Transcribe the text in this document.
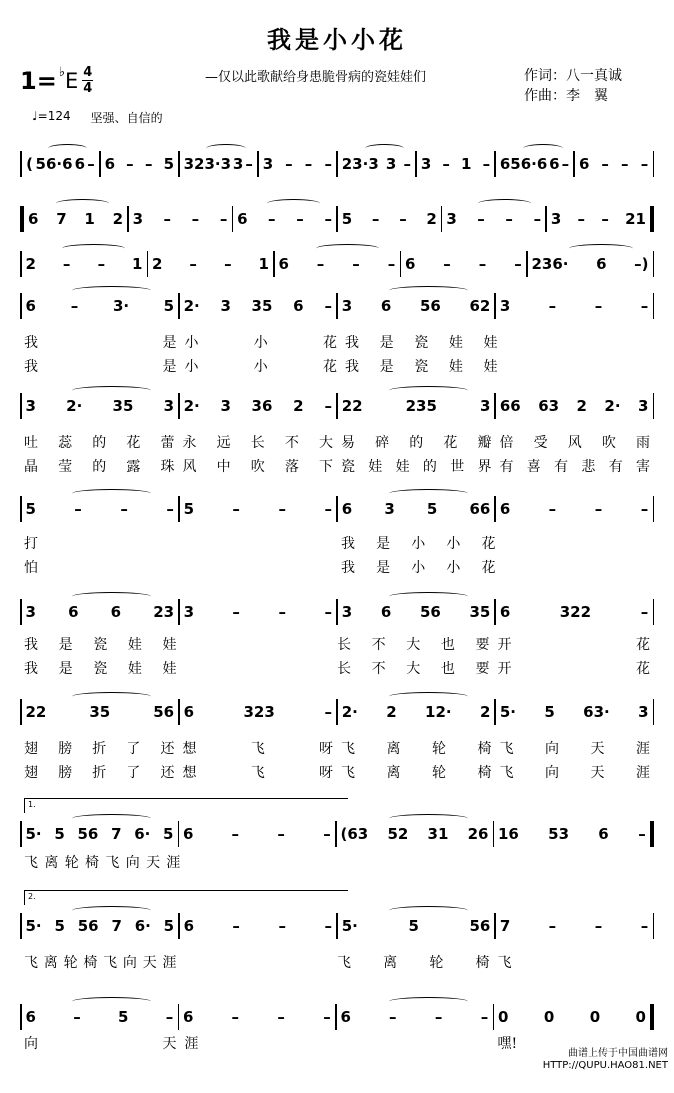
我是小小花
1= ♭ E 4
4
—仅以此歌献给身患脆骨病的瓷娃娃们	作词： 八一真诚
作曲： 李　翼
♩=124 坚强、自信的
( 56·6 6 – 6 – – 5 323·3 3 – 3 – – – 23·3 3 – 3 – 1 – 656·6 6 – 6 – – –
6 7 1 2 3 – – – 6 – – – 5 – – 2 3 – – – 3 – – 21
2 – – 1 2 – – 1 6 – – – 6 – – – 236· 6 –)
6 – 3· 5 2· 3 35 6 – 3 6 56 62 3	–	–	–
我	是 小	小	花 我 是 瓷 娃 娃
我	是 小	小	花 我 是 瓷 娃 娃
3 2· 35 3 2· 3 36 2 – 22	235	3 66 63 2 2· 3
吐 蕊 的 花 蕾 永 远 长 不 大 易 碎 的 花 瓣 倍 受 风 吹 雨
晶 莹 的 露 珠 风 中 吹 落 下 瓷 娃 娃 的 世 界 有 喜 有 悲 有 害
5	–	–	– 5	–	–	– 6 3 5 66 6	–	–	–
打	我 是 小 小 花
怕	我 是 小 小 花
3 6 6 23 3	–	–	– 3 6 56 35 6	322	–
我 是 瓷 娃 娃	长 不 大 也 要 开	花
我 是 瓷 娃 娃	长 不 大 也 要 开	花
22	35	56 6	323	– 2· 2 12· 2 5· 5 63· 3
翅 膀 折 了 还 想	飞	呀 飞 离 轮 椅 飞 向 天 涯
翅 膀 折 了 还 想	飞	呀 飞 离 轮 椅 飞 向 天 涯
1.
5· 5 56 7 6· 5 6	–	–	– (63 52 31 26 16 53 6 –
飞 离 轮 椅 飞 向 天 涯
2.
5· 5 56 7 6· 5 6	–	–	– 5·	5	56 7	–	–	–
飞 离 轮 椅 飞 向 天 涯	飞 离 轮 椅 飞
6 – 5 – 6	–	–	– 6	–	–	– 0 0 0 0
向	天 涯	嘿!
曲谱上传于中国曲谱网
HTTP://QUPU.HAO81.NET
